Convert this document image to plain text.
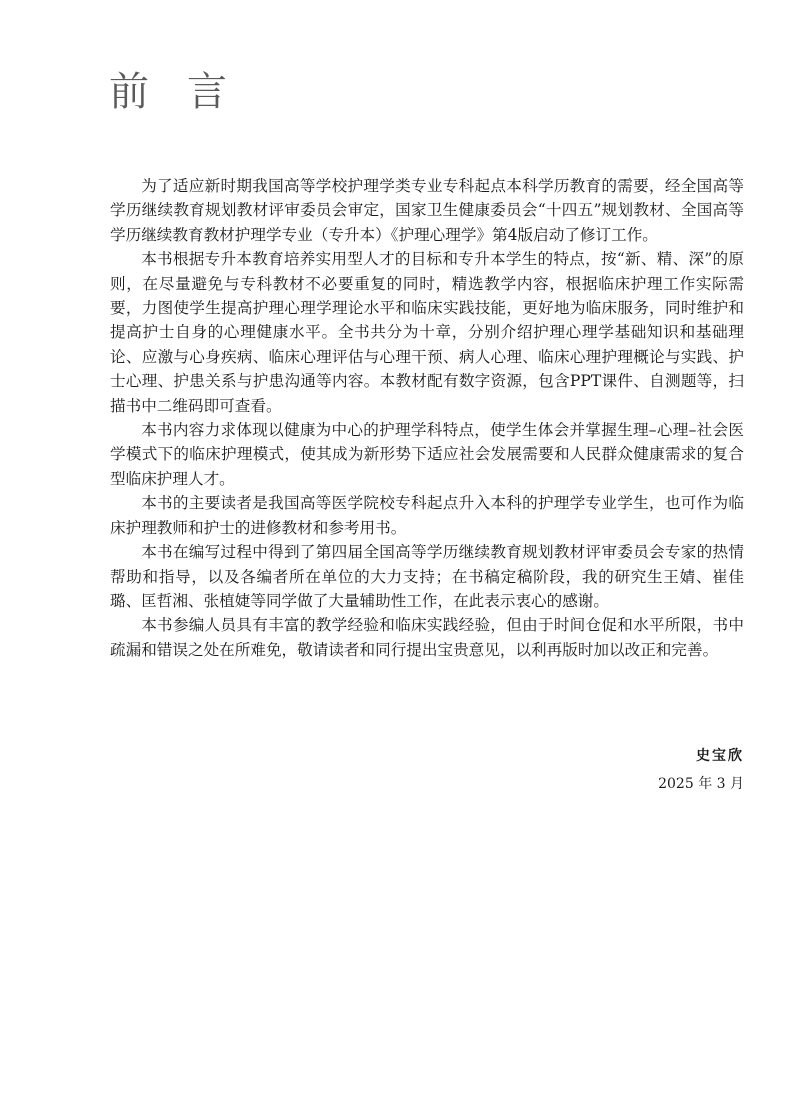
前言

为了适应新时期我国高等学校护理学类专业专科起点本科学历教育的需要，经全国高等学历继续教育规划教材评审委员会审定，国家卫生健康委员会“十四五”规划教材、全国高等学历继续教育教材护理学专业（专升本）《护理心理学》第4版启动了修订工作。

本书根据专升本教育培养实用型人才的目标和专升本学生的特点，按“新、精、深”的原则，在尽量避免与专科教材不必要重复的同时，精选教学内容，根据临床护理工作实际需要，力图使学生提高护理心理学理论水平和临床实践技能，更好地为临床服务，同时维护和提高护士自身的心理健康水平。全书共分为十章，分别介绍护理心理学基础知识和基础理论、应激与心身疾病、临床心理评估与心理干预、病人心理、临床心理护理概论与实践、护士心理、护患关系与护患沟通等内容。本教材配有数字资源，包含PPT课件、自测题等，扫描书中二维码即可查看。

本书内容力求体现以健康为中心的护理学科特点，使学生体会并掌握生理–心理–社会医学模式下的临床护理模式，使其成为新形势下适应社会发展需要和人民群众健康需求的复合型临床护理人才。

本书的主要读者是我国高等医学院校专科起点升入本科的护理学专业学生，也可作为临床护理教师和护士的进修教材和参考用书。

本书在编写过程中得到了第四届全国高等学历继续教育规划教材评审委员会专家的热情帮助和指导，以及各编者所在单位的大力支持；在书稿定稿阶段，我的研究生王婧、崔佳璐、匡哲湘、张植婕等同学做了大量辅助性工作，在此表示衷心的感谢。

本书参编人员具有丰富的教学经验和临床实践经验，但由于时间仓促和水平所限，书中疏漏和错误之处在所难免，敬请读者和同行提出宝贵意见，以利再版时加以改正和完善。

史宝欣
2025 年 3 月
